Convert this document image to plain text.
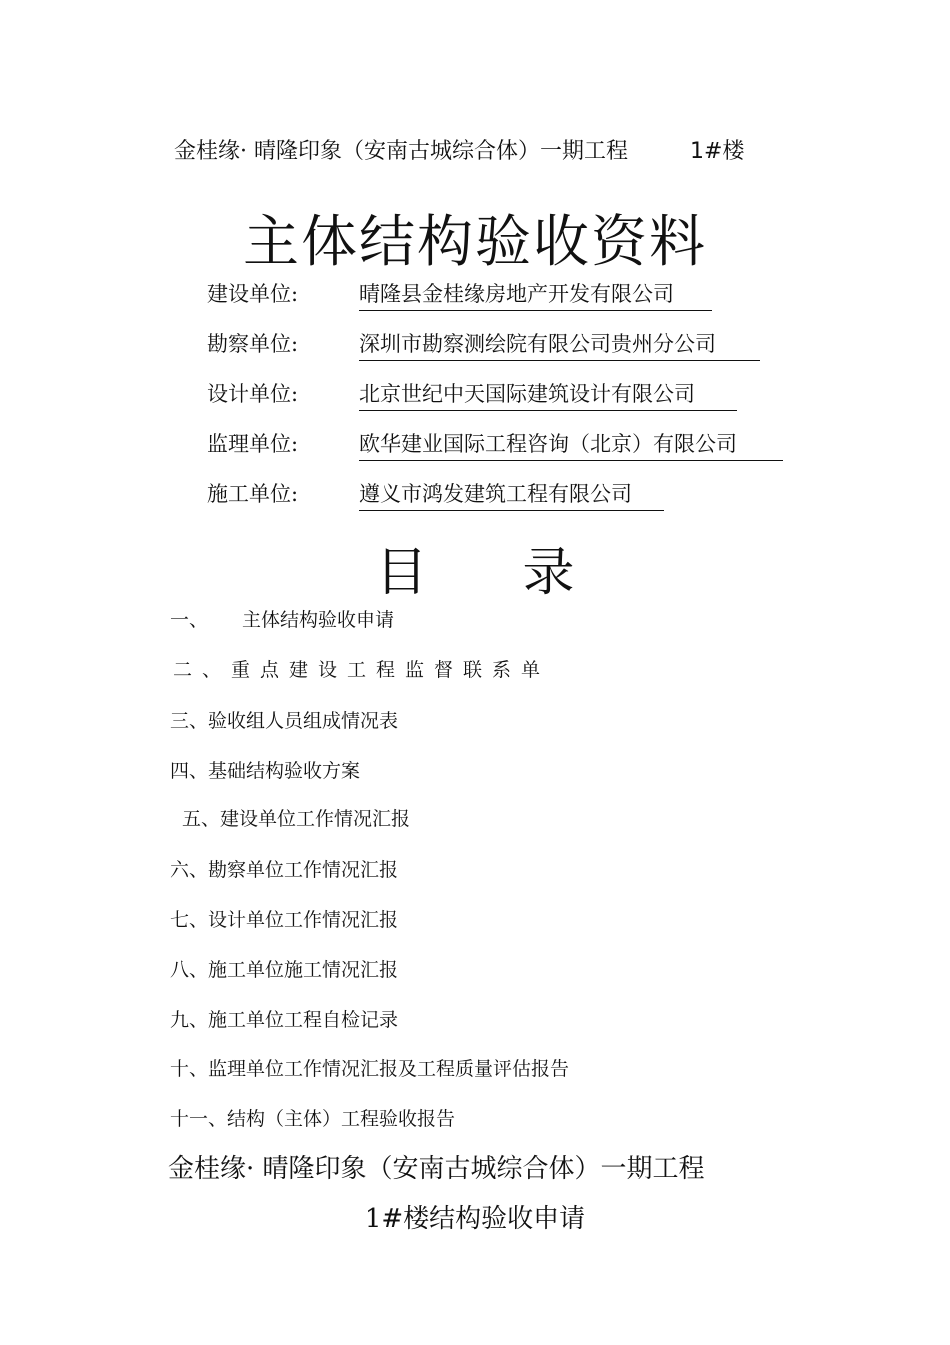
金桂缘· 晴隆印象（安南古城综合体）一期工程	1#楼
主体结构验收资料
建设单位:	晴隆县金桂缘房地产开发有限公司
勘察单位:	深圳市勘察测绘院有限公司贵州分公司
设计单位:	北京世纪中天国际建筑设计有限公司
监理单位:	欧华建业国际工程咨询（北京）有限公司
施工单位:	遵义市鸿发建筑工程有限公司
目 录
一、 主体结构验收申请
二、重点建设工程监督联系单
三、验收组人员组成情况表
四、基础结构验收方案
五、建设单位工作情况汇报
六、勘察单位工作情况汇报
七、设计单位工作情况汇报
八、施工单位施工情况汇报
九、施工单位工程自检记录
十、监理单位工作情况汇报及工程质量评估报告
十一、结构（主体）工程验收报告
金桂缘· 晴隆印象（安南古城综合体）一期工程
1#楼结构验收申请
